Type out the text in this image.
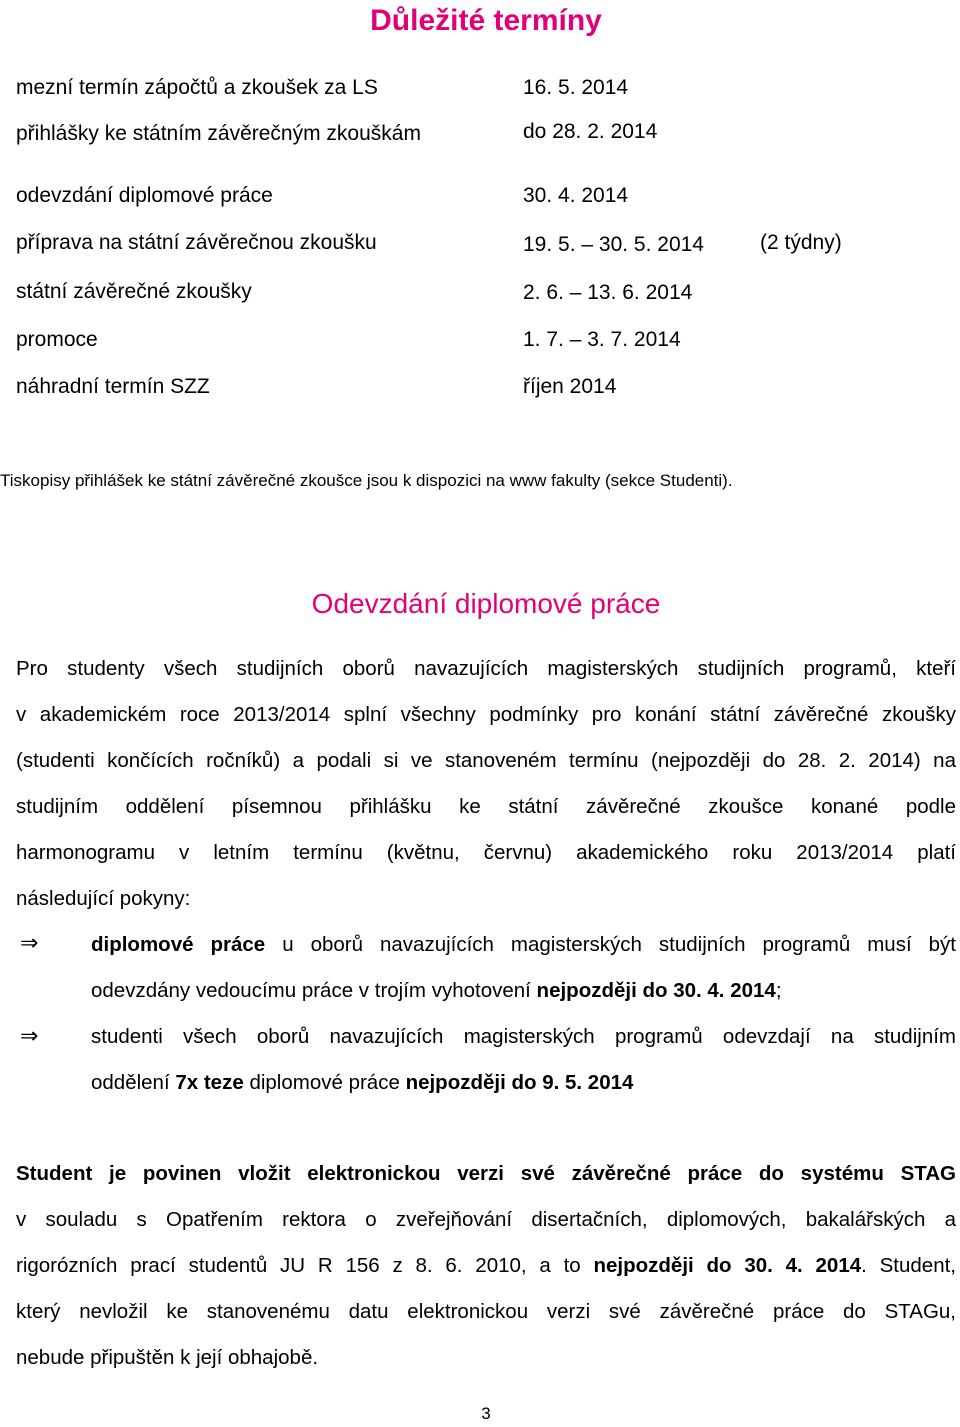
Důležité termíny
mezní termín zápočtů a zkoušek za LS	16. 5. 2014
přihlášky ke státním závěrečným zkouškám	do 28. 2. 2014
odevzdání diplomové práce	30. 4. 2014
příprava na státní závěrečnou zkoušku	19. 5. – 30. 5. 2014	(2 týdny)
státní závěrečné zkoušky	2. 6. – 13. 6. 2014
promoce	1. 7. – 3. 7. 2014
náhradní termín SZZ	říjen 2014
Tiskopisy přihlášek ke státní závěrečné zkoušce jsou k dispozici na www fakulty (sekce Studenti).
Odevzdání diplomové práce
Pro studenty všech studijních oborů navazujících magisterských studijních programů, kteří
v akademickém roce 2013/2014 splní všechny podmínky pro konání státní závěrečné zkoušky
(studenti končících ročníků) a podali si ve stanoveném termínu (nejpozději do 28. 2. 2014) na
studijním oddělení písemnou přihlášku ke státní závěrečné zkoušce konané podle
harmonogramu v letním termínu (květnu, červnu) akademického roku 2013/2014 platí
následující pokyny:
⇒	diplomové práce u oborů navazujících magisterských studijních programů musí být
odevzdány vedoucímu práce v trojím vyhotovení nejpozději do 30. 4. 2014;
⇒	studenti všech oborů navazujících magisterských programů odevzdají na studijním
oddělení 7x teze diplomové práce nejpozději do 9. 5. 2014
Student je povinen vložit elektronickou verzi své závěrečné práce do systému STAG
v souladu s Opatřením rektora o zveřejňování disertačních, diplomových, bakalářských a
rigorózních prací studentů JU R 156 z 8. 6. 2010, a to nejpozději do 30. 4. 2014. Student,
který nevložil ke stanovenému datu elektronickou verzi své závěrečné práce do STAGu,
nebude připuštěn k její obhajobě.
3
